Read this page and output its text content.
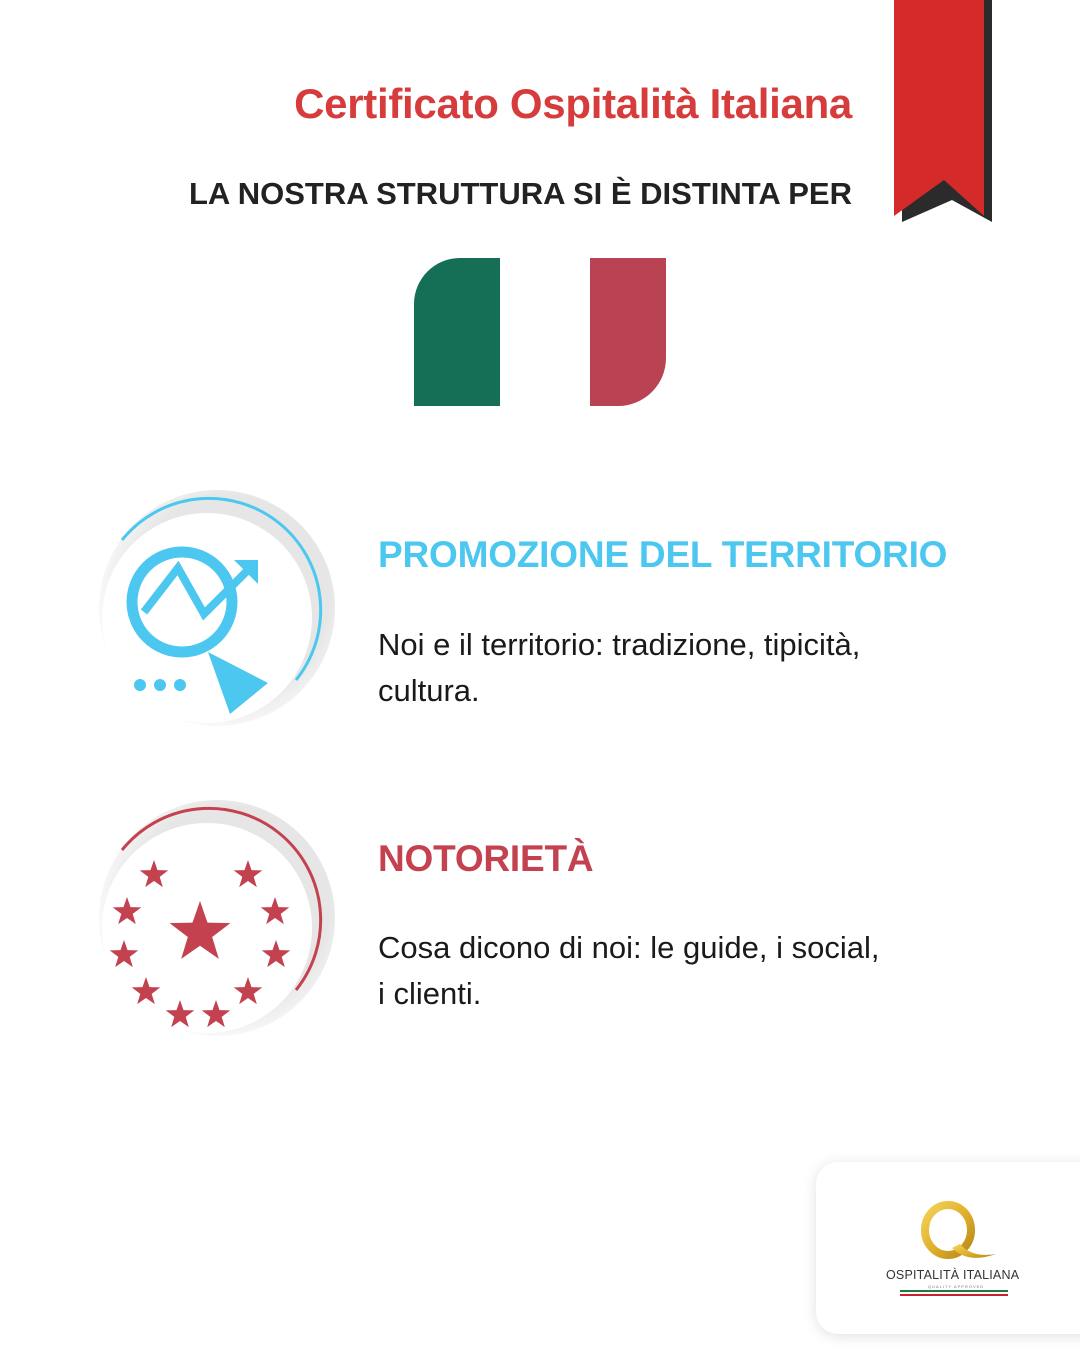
Certificato Ospitalità Italiana
LA NOSTRA STRUTTURA SI È DISTINTA PER
PROMOZIONE DEL TERRITORIO
Noi e il territorio: tradizione, tipicità,
cultura.
NOTORIETÀ
Cosa dicono di noi: le guide, i social,
i clienti.
OSPITALITÀ ITALIANA
QUALITY APPROVED
